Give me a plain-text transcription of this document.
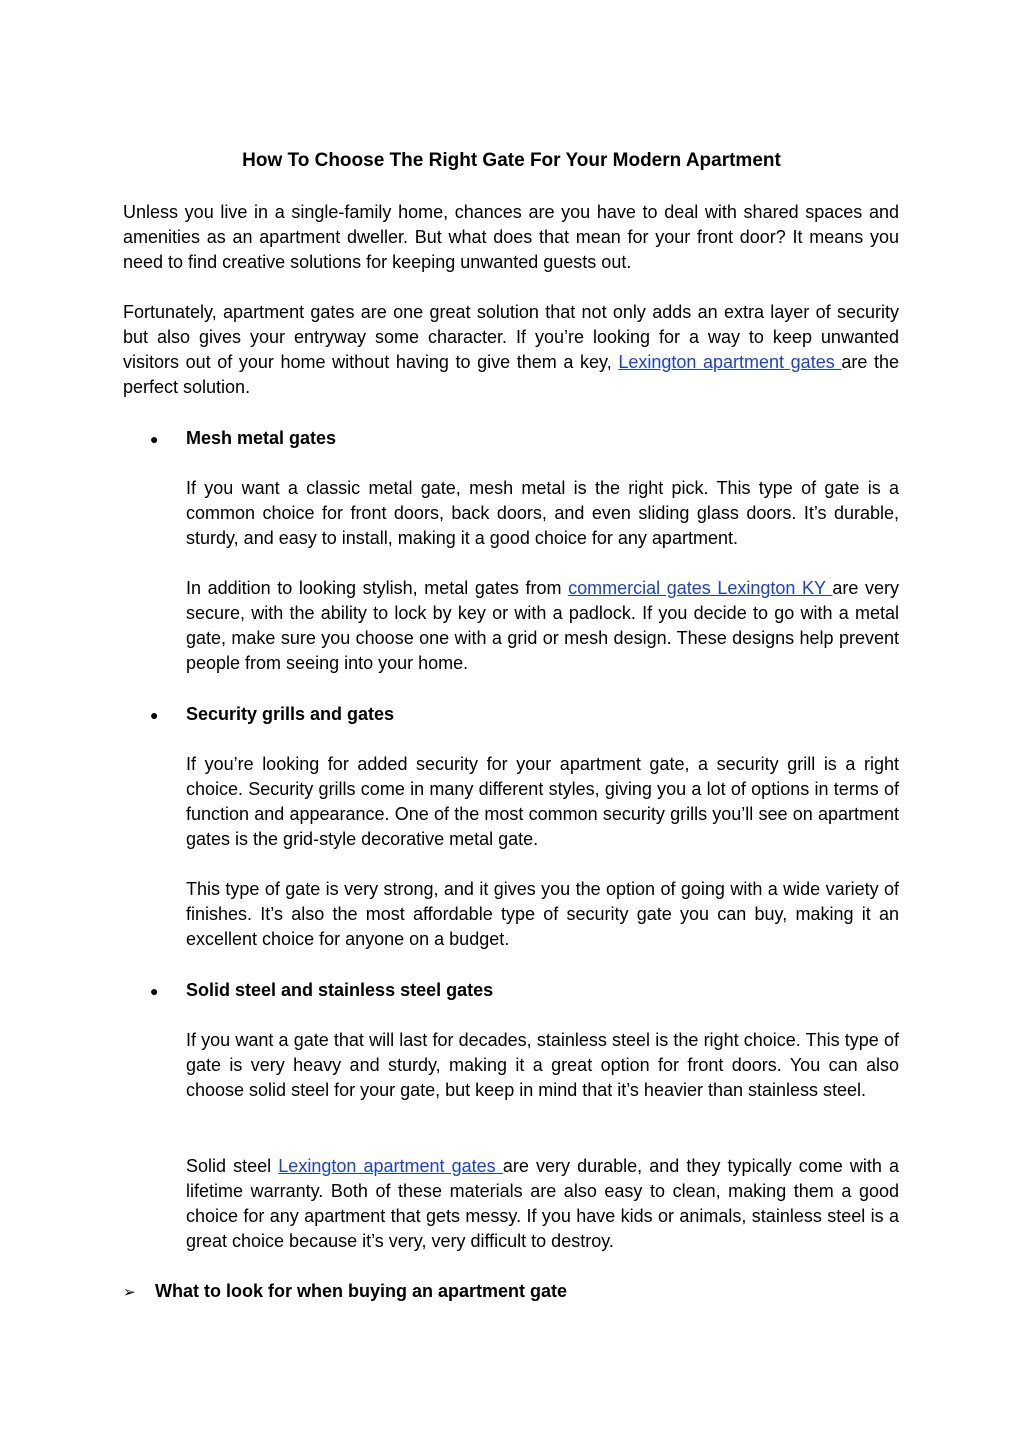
How To Choose The Right Gate For Your Modern Apartment

Unless you live in a single-family home, chances are you have to deal with shared spaces and amenities as an apartment dweller. But what does that mean for your front door? It means you need to find creative solutions for keeping unwanted guests out.

Fortunately, apartment gates are one great solution that not only adds an extra layer of security but also gives your entryway some character. If you’re looking for a way to keep unwanted visitors out of your home without having to give them a key, Lexington apartment gates are the perfect solution.

●	Mesh metal gates

If you want a classic metal gate, mesh metal is the right pick. This type of gate is a common choice for front doors, back doors, and even sliding glass doors. It’s durable, sturdy, and easy to install, making it a good choice for any apartment.

In addition to looking stylish, metal gates from commercial gates Lexington KY are very secure, with the ability to lock by key or with a padlock. If you decide to go with a metal gate, make sure you choose one with a grid or mesh design. These designs help prevent people from seeing into your home.

●	Security grills and gates

If you’re looking for added security for your apartment gate, a security grill is a right choice. Security grills come in many different styles, giving you a lot of options in terms of function and appearance. One of the most common security grills you’ll see on apartment gates is the grid-style decorative metal gate.

This type of gate is very strong, and it gives you the option of going with a wide variety of finishes. It’s also the most affordable type of security gate you can buy, making it an excellent choice for anyone on a budget.

●	Solid steel and stainless steel gates

If you want a gate that will last for decades, stainless steel is the right choice. This type of gate is very heavy and sturdy, making it a great option for front doors. You can also choose solid steel for your gate, but keep in mind that it’s heavier than stainless steel.

Solid steel Lexington apartment gates are very durable, and they typically come with a lifetime warranty. Both of these materials are also easy to clean, making them a good choice for any apartment that gets messy. If you have kids or animals, stainless steel is a great choice because it’s very, very difficult to destroy.

➢	What to look for when buying an apartment gate
